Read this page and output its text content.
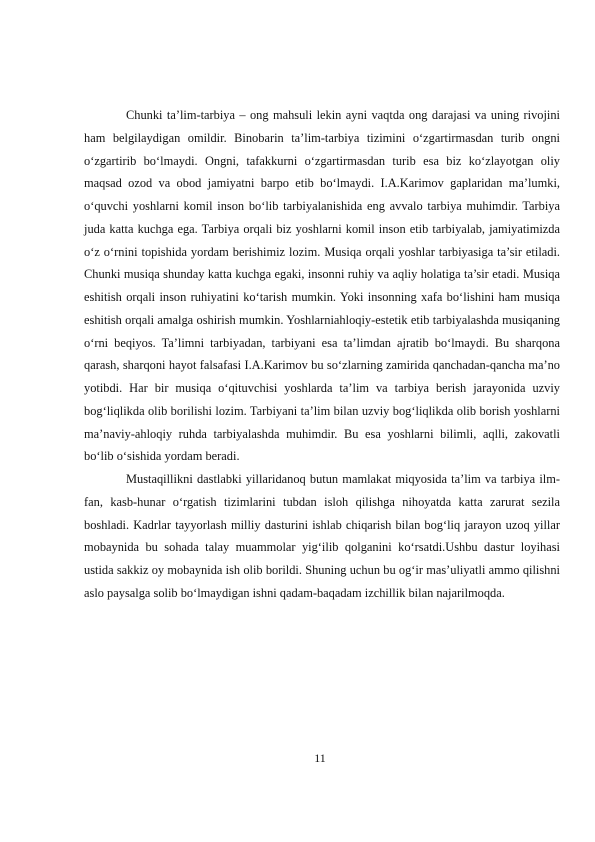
Chunki ta’lim-tarbiya – ong mahsuli lekin ayni vaqtda ong darajasi va uning rivojini ham belgilaydigan omildir. Binobarin ta’lim-tarbiya tizimini o‘zgartirmasdan turib ongni o‘zgartirib bo‘lmaydi. Ongni, tafakkurni o‘zgartirmasdan turib esa biz ko‘zlayotgan oliy maqsad ozod va obod jamiyatni barpo etib bo‘lmaydi. I.A.Karimov gaplaridan ma’lumki, o‘quvchi yoshlarni komil inson bo‘lib tarbiyalanishida eng avvalo tarbiya muhimdir. Tarbiya juda katta kuchga ega. Tarbiya orqali biz yoshlarni komil inson etib tarbiyalab, jamiyatimizda o‘z o‘rnini topishida yordam berishimiz lozim. Musiqa orqali yoshlar tarbiyasiga ta’sir etiladi. Chunki musiqa shunday katta kuchga egaki, insonni ruhiy va aqliy holatiga ta’sir etadi. Musiqa eshitish orqali inson ruhiyatini ko‘tarish mumkin. Yoki insonning xafa bo‘lishini ham musiqa eshitish orqali amalga oshirish mumkin. Yoshlarniahloqiy-estetik etib tarbiyalashda musiqaning o‘rni beqiyos. Ta’limni tarbiyadan, tarbiyani esa ta’limdan ajratib bo‘lmaydi. Bu sharqona qarash, sharqoni hayot falsafasi I.A.Karimov bu so‘zlarning zamirida qanchadan-qancha ma’no yotibdi. Har bir musiqa o‘qituvchisi yoshlarda ta’lim va tarbiya berish jarayonida uzviy bog‘liqlikda olib borilishi lozim. Tarbiyani ta’lim bilan uzviy bog‘liqlikda olib borish yoshlarni ma’naviy-ahloqiy ruhda tarbiyalashda muhimdir. Bu esa yoshlarni bilimli, aqlli, zakovatli bo‘lib o‘sishida yordam beradi.

Mustaqillikni dastlabki yillaridanoq butun mamlakat miqyosida ta’lim va tarbiya ilm-fan, kasb-hunar o‘rgatish tizimlarini tubdan isloh qilishga nihoyatda katta zarurat sezila boshladi. Kadrlar tayyorlash milliy dasturini ishlab chiqarish bilan bog‘liq jarayon uzoq yillar mobaynida bu sohada talay muammolar yig‘ilib qolganini ko‘rsatdi.Ushbu dastur loyihasi ustida sakkiz oy mobaynida ish olib borildi. Shuning uchun bu og‘ir mas’uliyatli ammo qilishni aslo paysalga solib bo‘lmaydigan ishni qadam-baqadam izchillik bilan najarilmoqda.

11
